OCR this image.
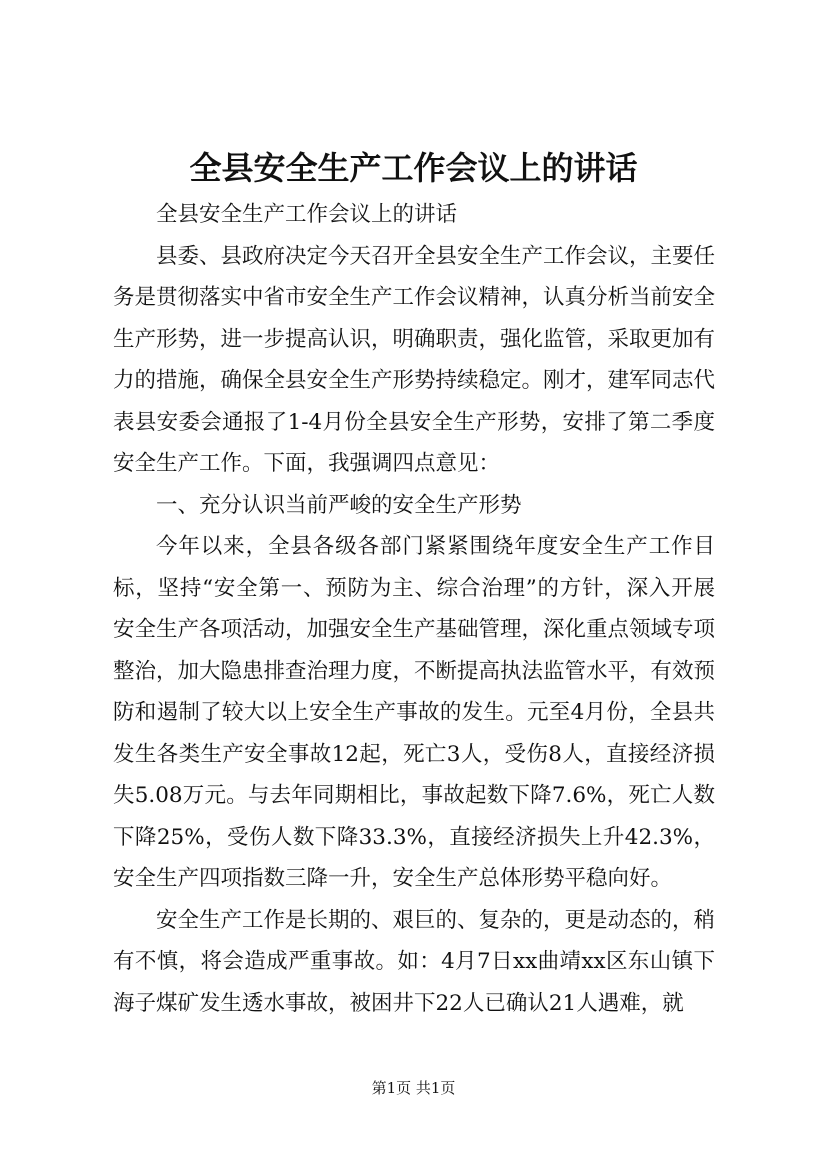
全县安全生产工作会议上的讲话

全县安全生产工作会议上的讲话

县委、县政府决定今天召开全县安全生产工作会议，主要任务是贯彻落实中省市安全生产工作会议精神，认真分析当前安全生产形势，进一步提高认识，明确职责，强化监管，采取更加有力的措施，确保全县安全生产形势持续稳定。刚才，建军同志代表县安委会通报了1-4月份全县安全生产形势，安排了第二季度安全生产工作。下面，我强调四点意见：

一、充分认识当前严峻的安全生产形势

今年以来，全县各级各部门紧紧围绕年度安全生产工作目标，坚持“安全第一、预防为主、综合治理”的方针，深入开展安全生产各项活动，加强安全生产基础管理，深化重点领域专项整治，加大隐患排查治理力度，不断提高执法监管水平，有效预防和遏制了较大以上安全生产事故的发生。元至4月份，全县共发生各类生产安全事故12起，死亡3人，受伤8人，直接经济损失5.08万元。与去年同期相比，事故起数下降7.6%，死亡人数下降25%，受伤人数下降33.3%，直接经济损失上升42.3%，安全生产四项指数三降一升，安全生产总体形势平稳向好。

安全生产工作是长期的、艰巨的、复杂的，更是动态的，稍有不慎，将会造成严重事故。如：4月7日xx曲靖xx区东山镇下海子煤矿发生透水事故，被困井下22人已确认21人遇难，就

第1页 共1页
